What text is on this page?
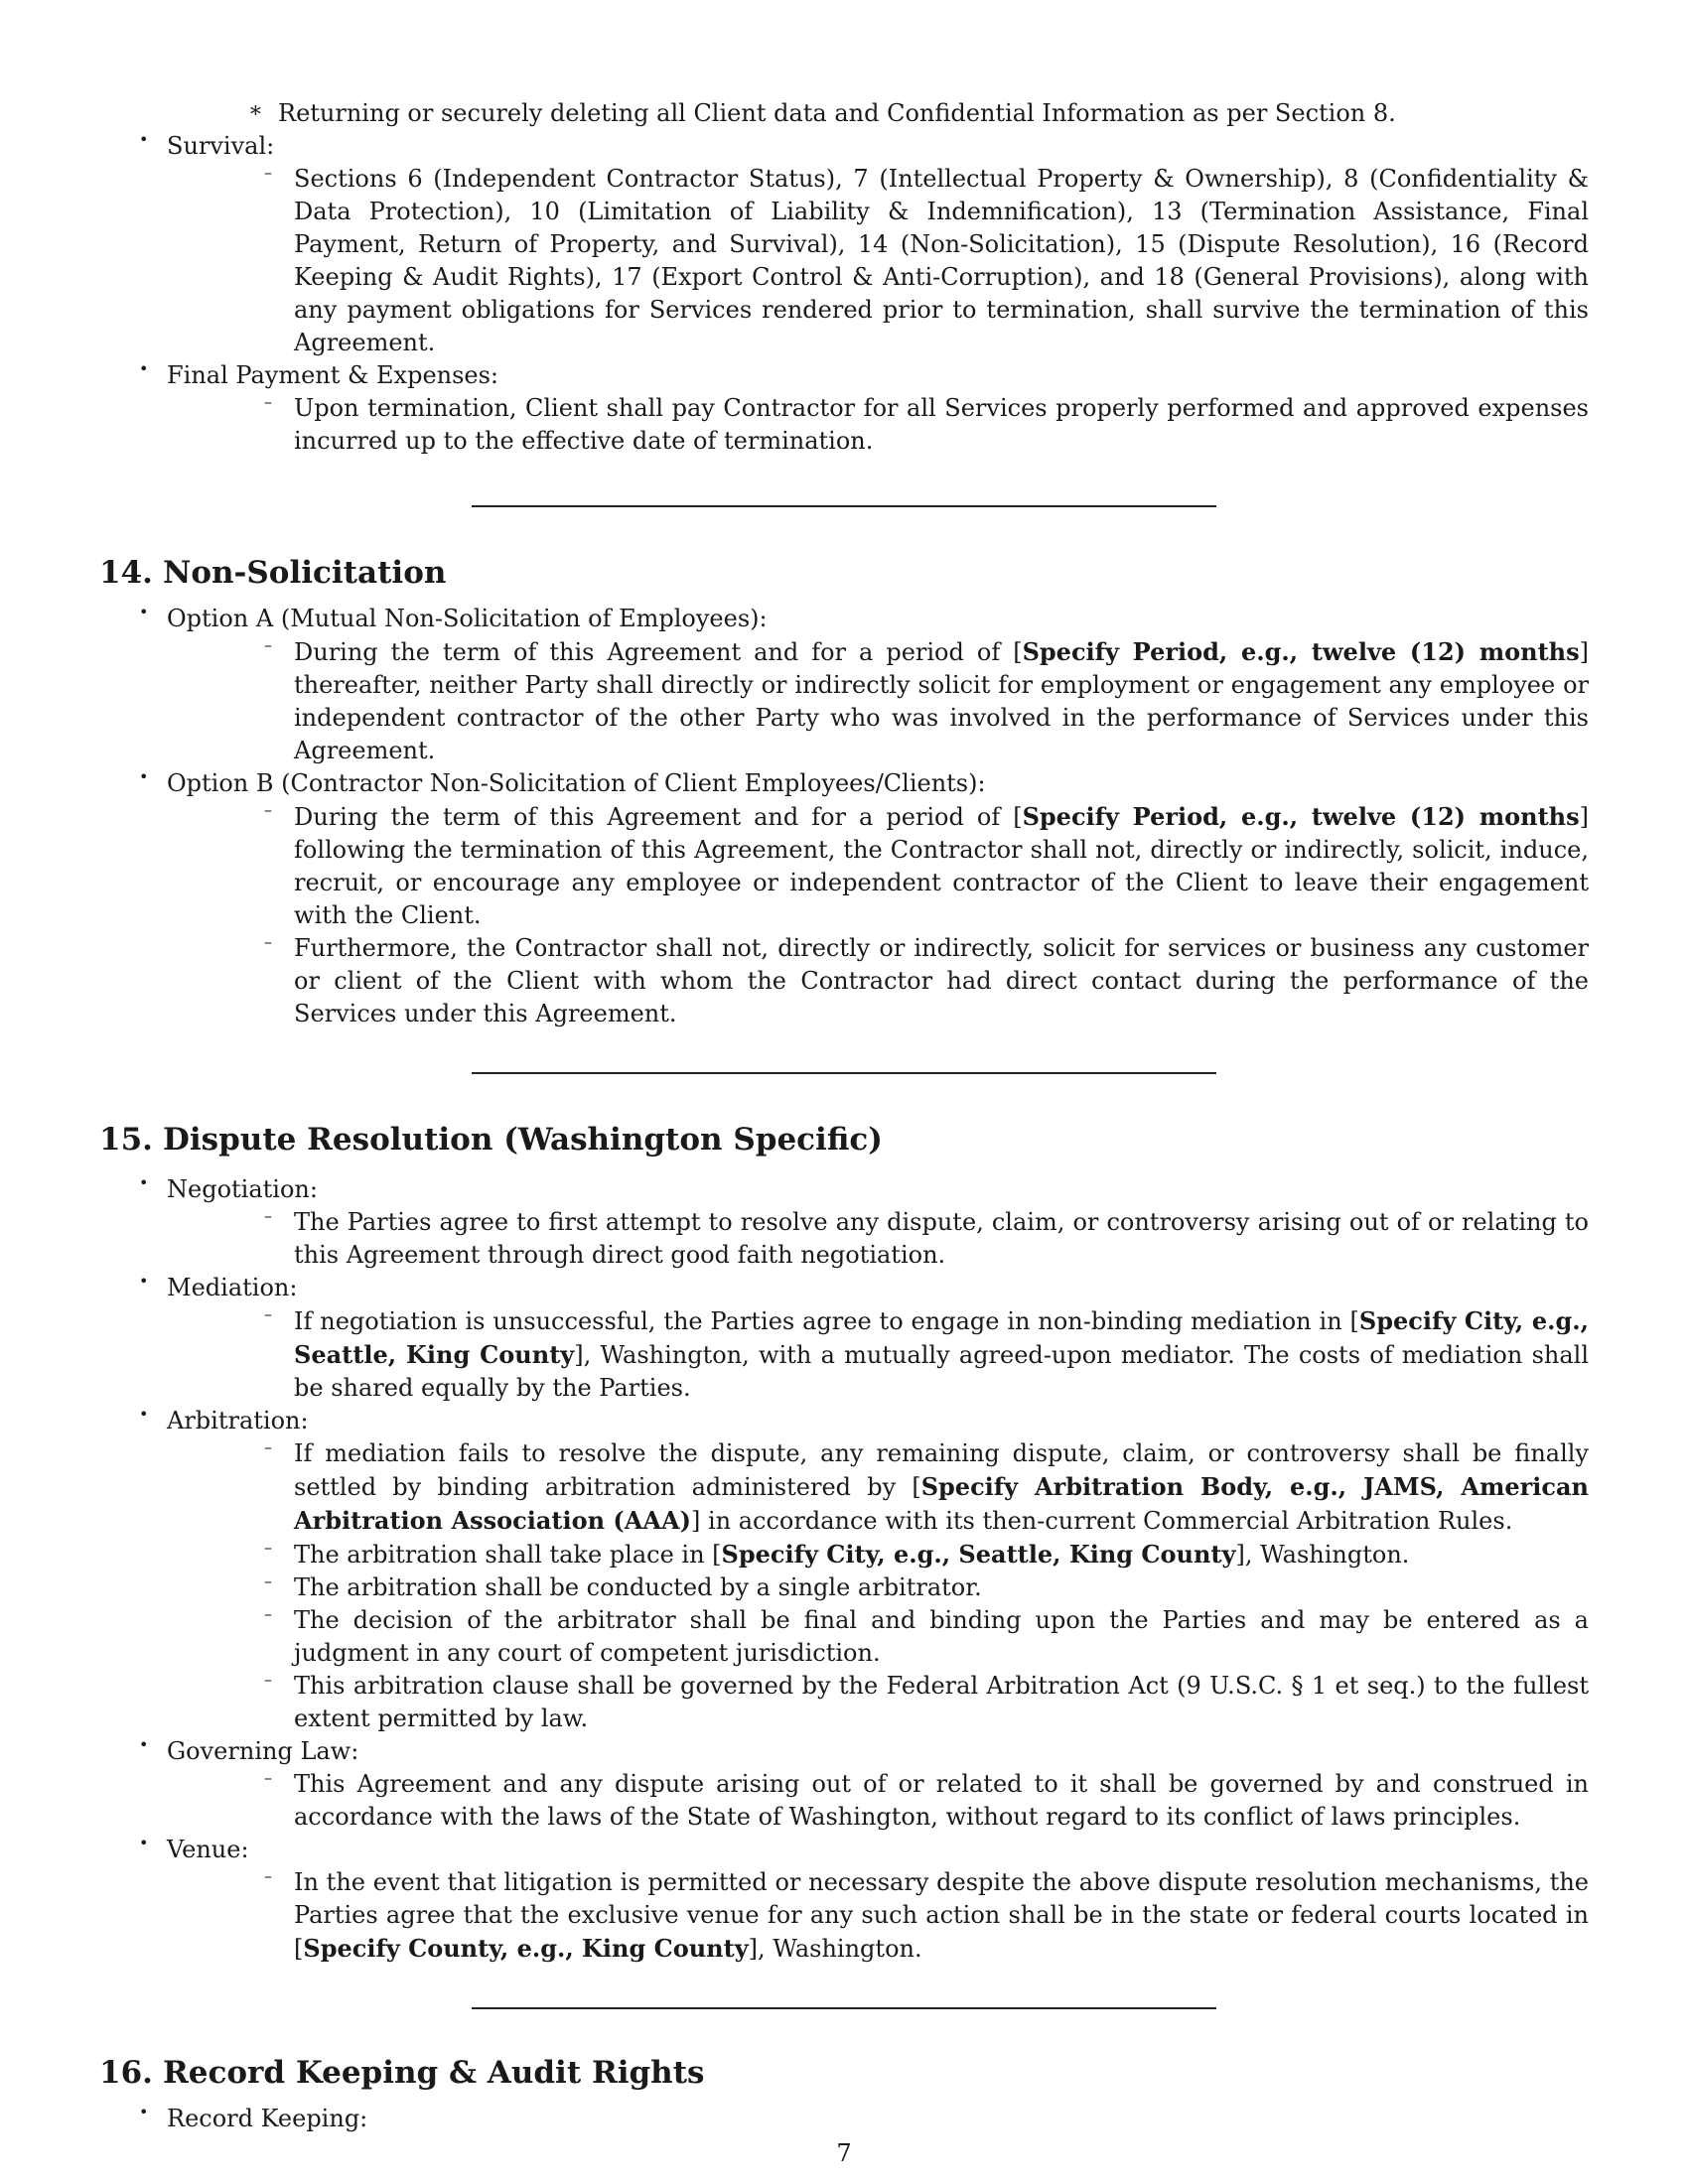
∗ Returning or securely deleting all Client data and Confidential Information as per Section 8.
• Survival:
– Sections 6 (Independent Contractor Status), 7 (Intellectual Property & Ownership), 8 (Confidentiality & Data Protection), 10 (Limitation of Liability & Indemnification), 13 (Termination Assistance, Final Payment, Return of Property, and Survival), 14 (Non-Solicitation), 15 (Dispute Resolution), 16 (Record Keeping & Audit Rights), 17 (Export Control & Anti-Corruption), and 18 (General Provisions), along with any payment obligations for Services rendered prior to termination, shall survive the termination of this Agreement.
• Final Payment & Expenses:
– Upon termination, Client shall pay Contractor for all Services properly performed and approved expenses incurred up to the effective date of termination.
14. Non-Solicitation
• Option A (Mutual Non-Solicitation of Employees):
– During the term of this Agreement and for a period of [Specify Period, e.g., twelve (12) months] thereafter, neither Party shall directly or indirectly solicit for employment or engagement any employee or independent contractor of the other Party who was involved in the performance of Services under this Agreement.
• Option B (Contractor Non-Solicitation of Client Employees/Clients):
– During the term of this Agreement and for a period of [Specify Period, e.g., twelve (12) months] following the termination of this Agreement, the Contractor shall not, directly or indirectly, solicit, induce, recruit, or encourage any employee or independent contractor of the Client to leave their engagement with the Client.
– Furthermore, the Contractor shall not, directly or indirectly, solicit for services or business any customer or client of the Client with whom the Contractor had direct contact during the performance of the Services under this Agreement.
15. Dispute Resolution (Washington Specific)
• Negotiation:
– The Parties agree to first attempt to resolve any dispute, claim, or controversy arising out of or relating to this Agreement through direct good faith negotiation.
• Mediation:
– If negotiation is unsuccessful, the Parties agree to engage in non-binding mediation in [Specify City, e.g., Seattle, King County], Washington, with a mutually agreed-upon mediator. The costs of mediation shall be shared equally by the Parties.
• Arbitration:
– If mediation fails to resolve the dispute, any remaining dispute, claim, or controversy shall be finally settled by binding arbitration administered by [Specify Arbitration Body, e.g., JAMS, American Arbitration Association (AAA)] in accordance with its then-current Commercial Arbitration Rules.
– The arbitration shall take place in [Specify City, e.g., Seattle, King County], Washington.
– The arbitration shall be conducted by a single arbitrator.
– The decision of the arbitrator shall be final and binding upon the Parties and may be entered as a judgment in any court of competent jurisdiction.
– This arbitration clause shall be governed by the Federal Arbitration Act (9 U.S.C. § 1 et seq.) to the fullest extent permitted by law.
• Governing Law:
– This Agreement and any dispute arising out of or related to it shall be governed by and construed in accordance with the laws of the State of Washington, without regard to its conflict of laws principles.
• Venue:
– In the event that litigation is permitted or necessary despite the above dispute resolution mechanisms, the Parties agree that the exclusive venue for any such action shall be in the state or federal courts located in [Specify County, e.g., King County], Washington.
16. Record Keeping & Audit Rights
• Record Keeping:
7
